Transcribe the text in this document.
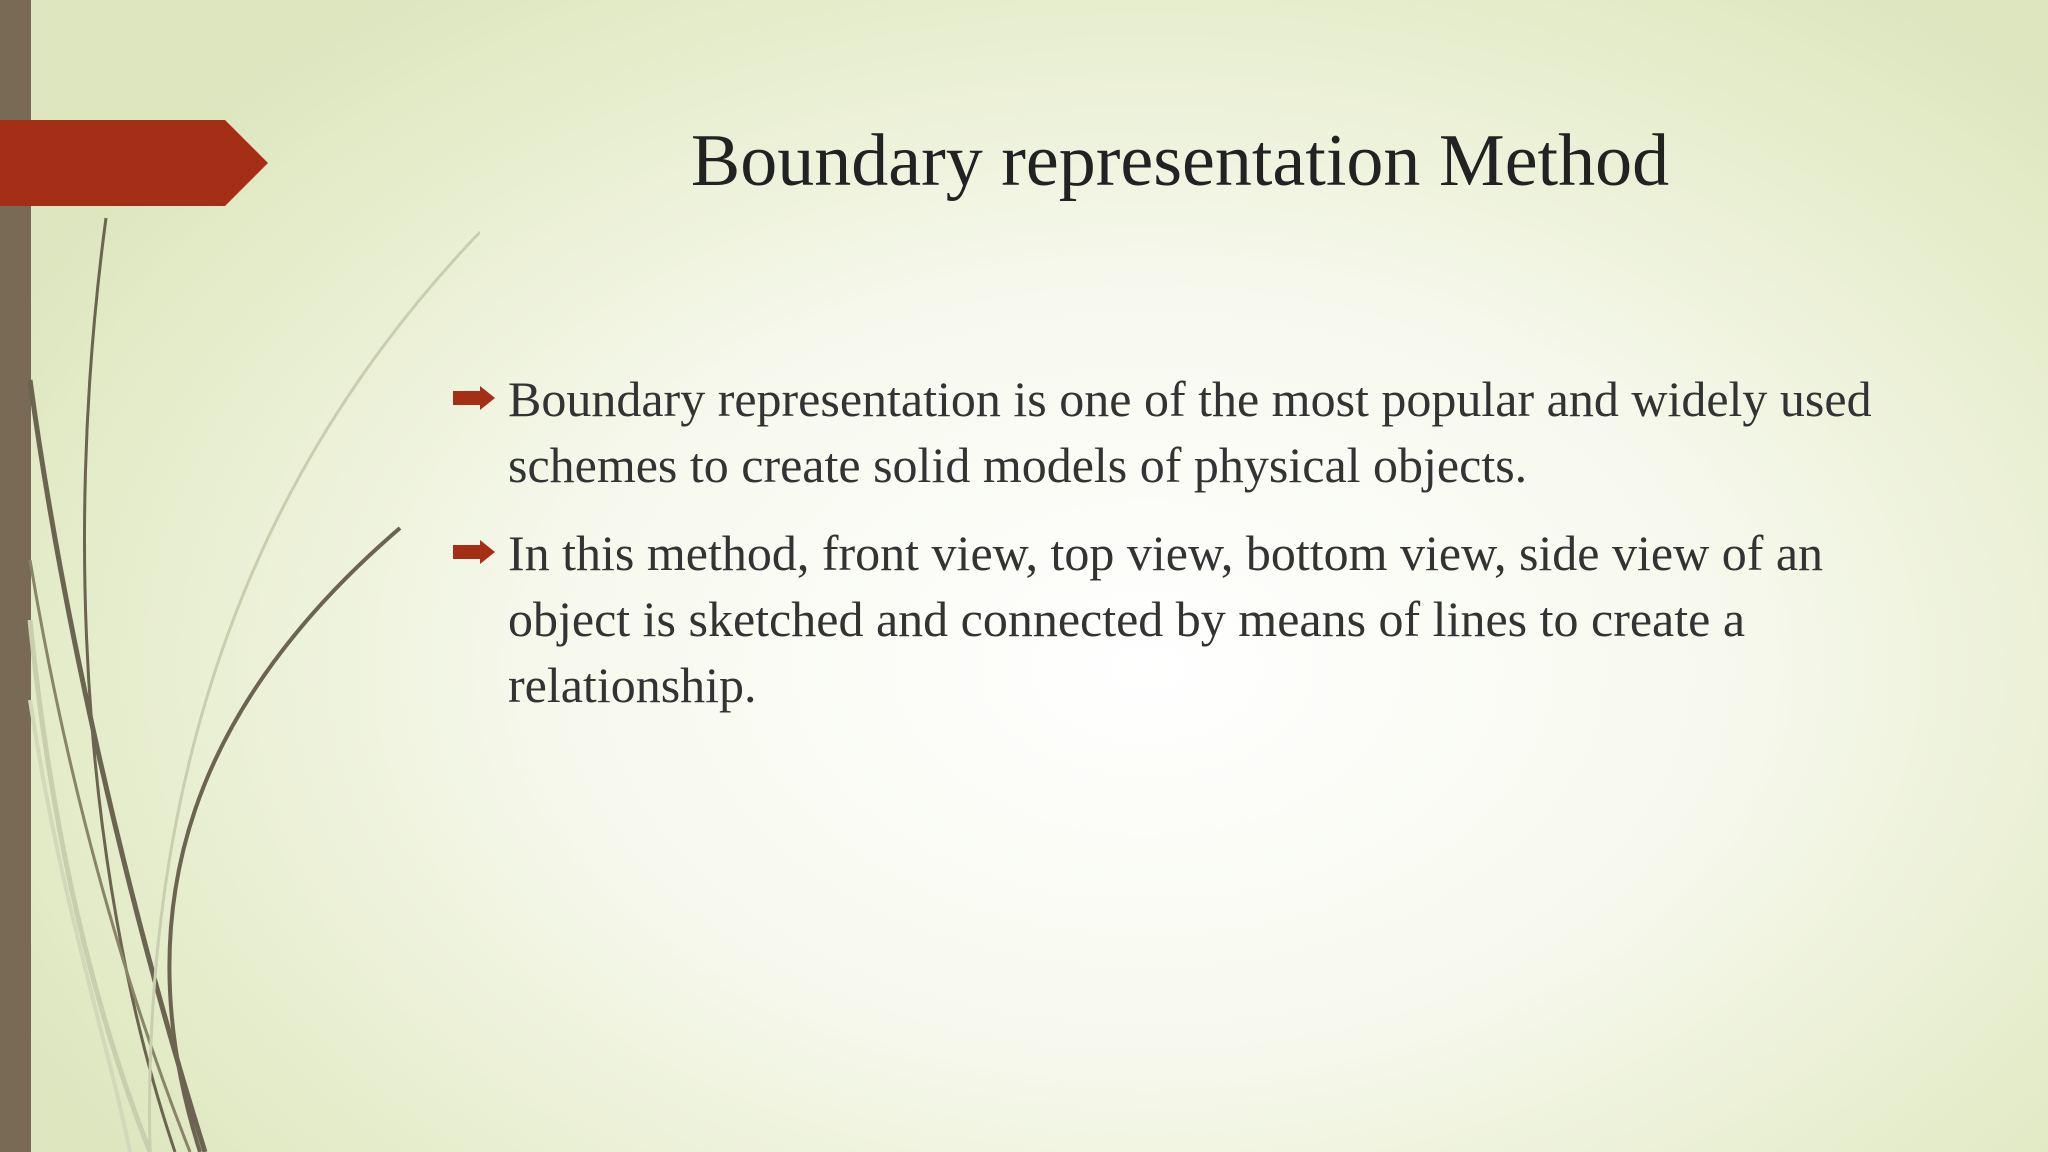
Boundary representation Method
Boundary representation is one of the most popular and widely used schemes to create solid models of physical objects.
In this method, front view, top view, bottom view, side view of an object is sketched and connected by means of lines to create a relationship.
